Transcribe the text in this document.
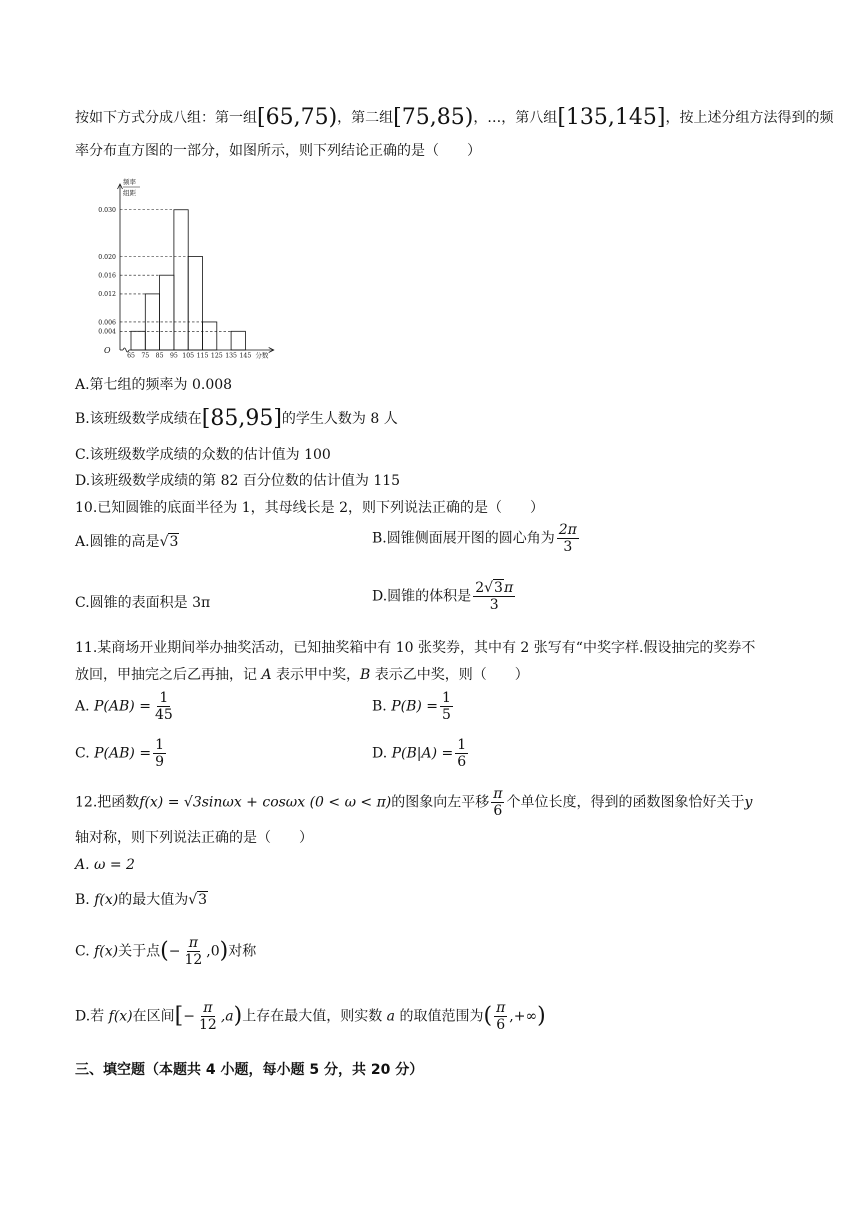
按如下方式分成八组：第一组[65,75)，第二组[75,85)，…，第八组[135,145]，按上述分组方法得到的频
率分布直方图的一部分，如图所示，则下列结论正确的是（　　）
频率
组距
O
0.004
0.006
0.012
0.016
0.020
0.030
65 75 85 95 105 115 125 135 145 分数
A.第七组的频率为 0.008
B.该班级数学成绩在[85,95]的学生人数为 8 人
C.该班级数学成绩的众数的估计值为 100
D.该班级数学成绩的第 82 百分位数的估计值为 115
10.已知圆锥的底面半径为 1，其母线长是 2，则下列说法正确的是（　　）
A.圆锥的高是√3	B.圆锥侧面展开图的圆心角为 $\frac{2\pi}{3}$
C.圆锥的表面积是 3π	D.圆锥的体积是 $\frac{2√3\pi}{3}$
11.某商场开业期间举办抽奖活动，已知抽奖箱中有 10 张奖券，其中有 2 张写有“中奖字样.假设抽完的奖券不
放回，甲抽完之后乙再抽，记 A 表示甲中奖，B 表示乙中奖，则（　　）
A. $P(AB) = \frac{1}{45}$	B. $P(B) = \frac{1}{5}$
C. $P(AB) = \frac{1}{9}$	D. $P(B|A) = \frac{1}{6}$
12.把函数f(x) = √3sinωx + cosωx (0 < ω < π)的图象向左平移 $\frac{\pi}{6}$ 个单位长度，得到的函数图象恰好关于y
轴对称，则下列说法正确的是（　　）
A. ω = 2
B. f(x)的最大值为√3
C. f(x)关于点(− $\frac{\pi}{12} ,0$)对称
D.若 f(x)在区间[− $\frac{\pi}{12} ,a$)上存在最大值，则实数 a 的取值范围为( $\frac{\pi}{6}$ ,+∞)
三、填空题（本题共 4 小题，每小题 5 分，共 20 分）
